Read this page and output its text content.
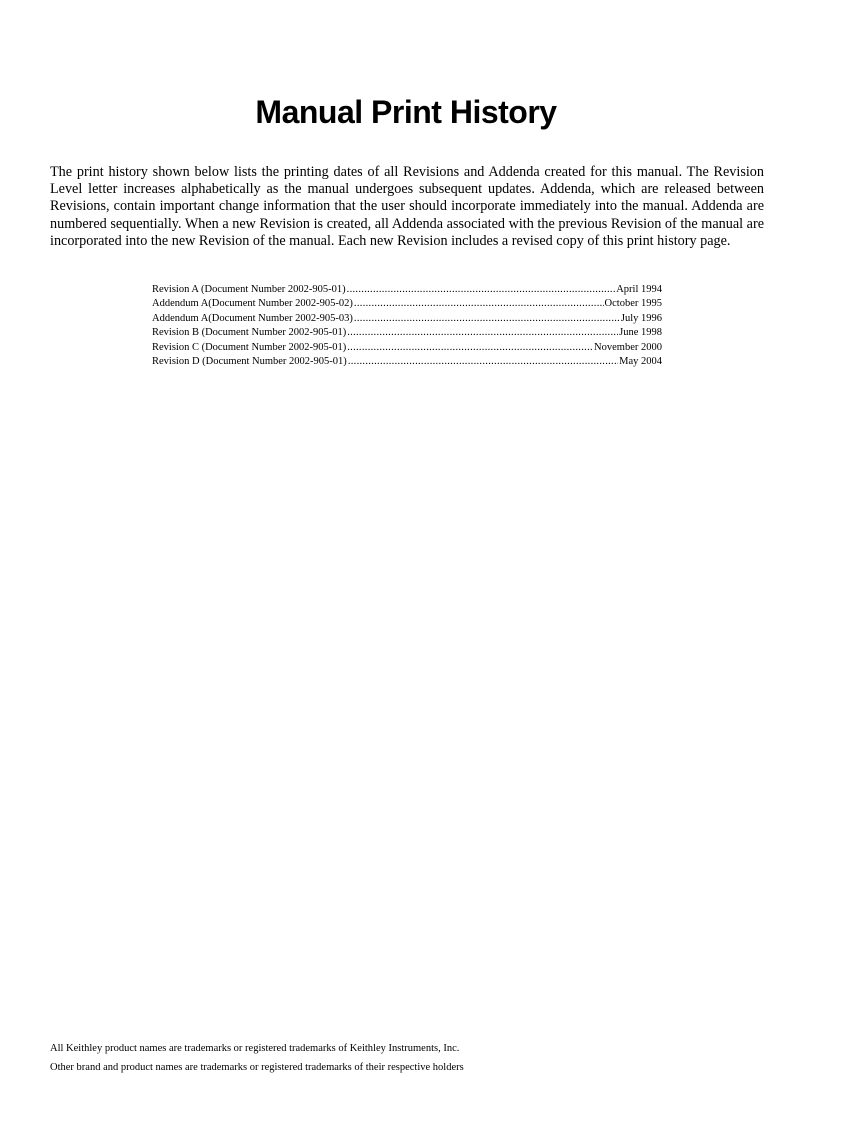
Manual Print History

The print history shown below lists the printing dates of all Revisions and Addenda created for this manual. The Revision Level letter increases alphabetically as the manual undergoes subsequent updates. Addenda, which are released between Revisions, contain important change information that the user should incorporate immediately into the manual. Addenda are numbered sequentially. When a new Revision is created, all Addenda associated with the previous Revision of the manual are incorporated into the new Revision of the manual. Each new Revision includes a revised copy of this print history page.

Revision A (Document Number 2002-905-01) .....	April 1994
Addendum A(Document Number 2002-905-02) .....	October 1995
Addendum A(Document Number 2002-905-03) .....	July 1996
Revision B (Document Number 2002-905-01) .....	June 1998
Revision C (Document Number 2002-905-01) .....	November 2000
Revision D (Document Number 2002-905-01) .....	May 2004

All Keithley product names are trademarks or registered trademarks of Keithley Instruments, Inc.

Other brand and product names are trademarks or registered trademarks of their respective holders
